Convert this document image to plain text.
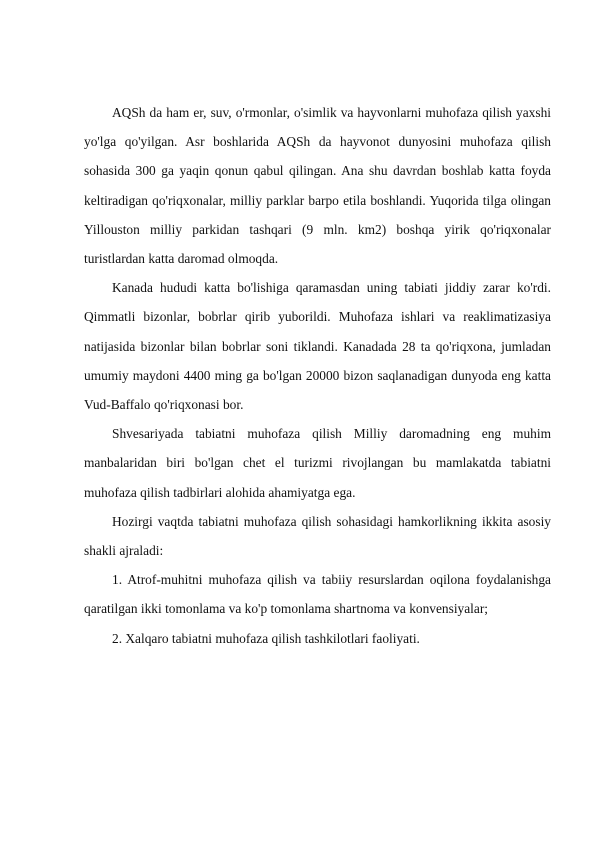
AQSh da ham er, suv, o'rmonlar, o'simlik va hayvonlarni muhofaza qilish yaxshi yo'lga qo'yilgan. Asr boshlarida AQSh da hayvonot dunyosini muhofaza qilish sohasida 300 ga yaqin qonun qabul qilingan. Ana shu davrdan boshlab katta foyda keltiradigan qo'riqxonalar, milliy parklar barpo etila boshlandi. Yuqorida tilga olingan Yillouston milliy parkidan tashqari (9 mln. km2) boshqa yirik qo'riqxonalar turistlardan katta daromad olmoqda.

Kanada hududi katta bo'lishiga qaramasdan uning tabiati jiddiy zarar ko'rdi. Qimmatli bizonlar, bobrlar qirib yuborildi. Muhofaza ishlari va reaklimatizasiya natijasida bizonlar bilan bobrlar soni tiklandi. Kanadada 28 ta qo'riqxona, jumladan umumiy maydoni 4400 ming ga bo'lgan 20000 bizon saqlanadigan dunyoda eng katta Vud-Baffalo qo'riqxonasi bor.

Shvesariyada tabiatni muhofaza qilish Milliy daromadning eng muhim manbalaridan biri bo'lgan chet el turizmi rivojlangan bu mamlakatda tabiatni muhofaza qilish tadbirlari alohida ahamiyatga ega.

Hozirgi vaqtda tabiatni muhofaza qilish sohasidagi hamkorlikning ikkita asosiy shakli ajraladi:

1. Atrof-muhitni muhofaza qilish va tabiiy resurslardan oqilona foydalanishga qaratilgan ikki tomonlama va ko'p tomonlama shartnoma va konvensiyalar;

2. Xalqaro tabiatni muhofaza qilish tashkilotlari faoliyati.
